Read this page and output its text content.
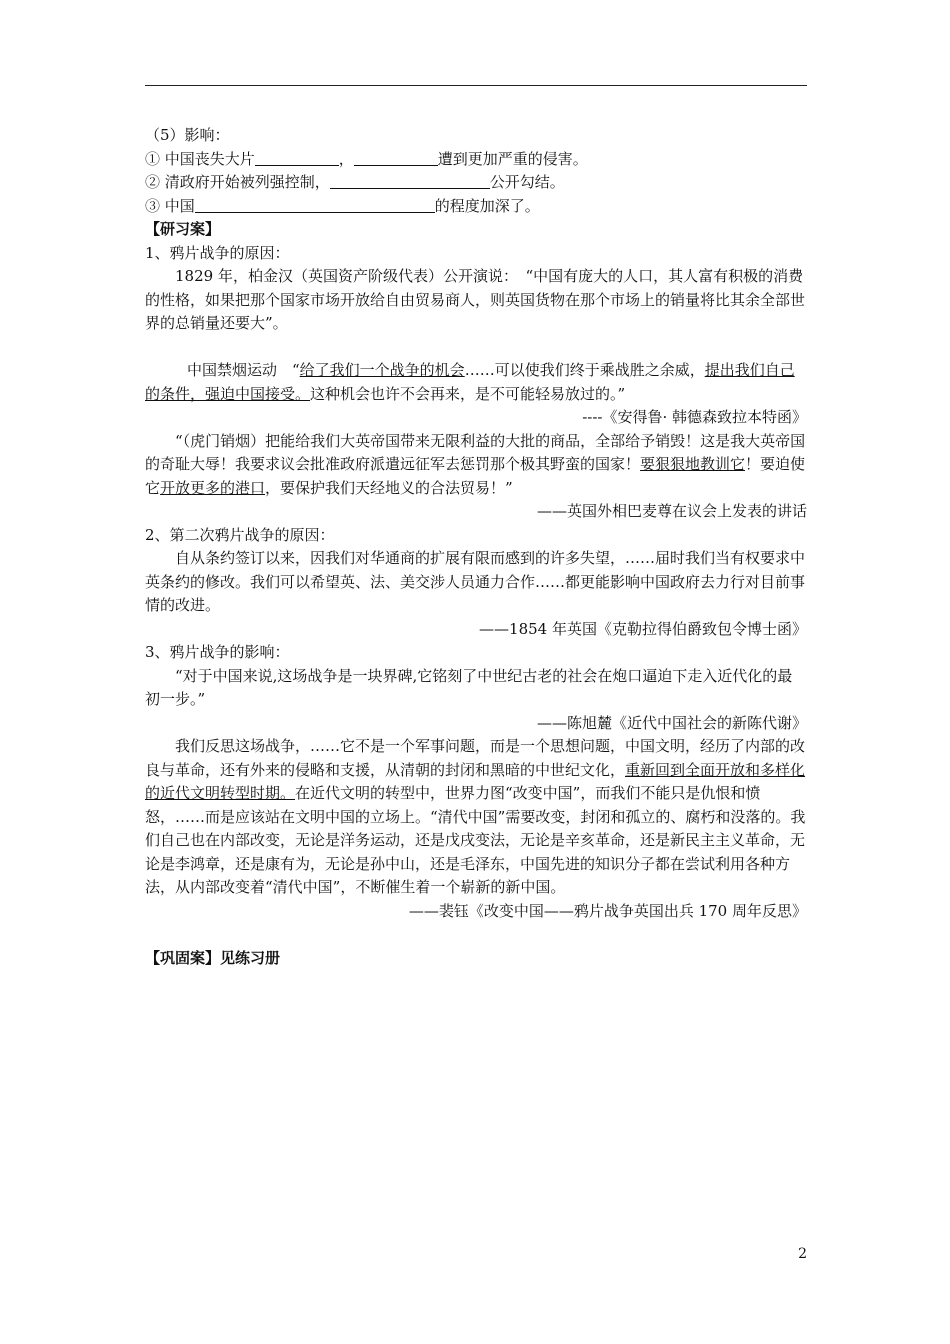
（5）影响：
① 中国丧失大片	，	遭到更加严重的侵害。
② 清政府开始被列强控制，	公开勾结。
③ 中国	的程度加深了。
【研习案】
1、鸦片战争的原因：
1829 年，柏金汉（英国资产阶级代表）公开演说：　“中国有庞大的人口，其人富有积极的消费的性格，如果把那个国家市场开放给自由贸易商人，则英国货物在那个市场上的销量将比其余全部世界的总销量还要大”。
中国禁烟运动　“给了我们一个战争的机会……可以使我们终于乘战胜之余威，提出我们自己的条件，强迫中国接受。这种机会也许不会再来，是不可能轻易放过的。”
----《安得鲁· 韩德森致拉本特函》
“（虎门销烟）把能给我们大英帝国带来无限利益的大批的商品，全部给予销毁！这是我大英帝国的奇耻大辱！我要求议会批准政府派遣远征军去惩罚那个极其野蛮的国家！要狠狠地教训它！要迫使它开放更多的港口，要保护我们天经地义的合法贸易！”
——英国外相巴麦尊在议会上发表的讲话
2、第二次鸦片战争的原因：
自从条约签订以来，因我们对华通商的扩展有限而感到的许多失望，……届时我们当有权要求中英条约的修改。我们可以希望英、法、美交涉人员通力合作……都更能影响中国政府去力行对目前事情的改进。
——1854 年英国《克勒拉得伯爵致包令博士函》
3、鸦片战争的影响：
“对于中国来说,这场战争是一块界碑,它铭刻了中世纪古老的社会在炮口逼迫下走入近代化的最初一步。”
——陈旭麓《近代中国社会的新陈代谢》
我们反思这场战争，……它不是一个军事问题，而是一个思想问题，中国文明，经历了内部的改良与革命，还有外来的侵略和支援，从清朝的封闭和黑暗的中世纪文化，重新回到全面开放和多样化的近代文明转型时期。在近代文明的转型中，世界力图“改变中国”，而我们不能只是仇恨和愤怒，……而是应该站在文明中国的立场上。“清代中国”需要改变，封闭和孤立的、腐朽和没落的。我们自己也在内部改变，无论是洋务运动，还是戊戌变法，无论是辛亥革命，还是新民主主义革命，无论是李鸿章，还是康有为，无论是孙中山，还是毛泽东，中国先进的知识分子都在尝试利用各种方法，从内部改变着“清代中国”，不断催生着一个崭新的新中国。
——裴钰《改变中国——鸦片战争英国出兵 170 周年反思》
【巩固案】见练习册
2
